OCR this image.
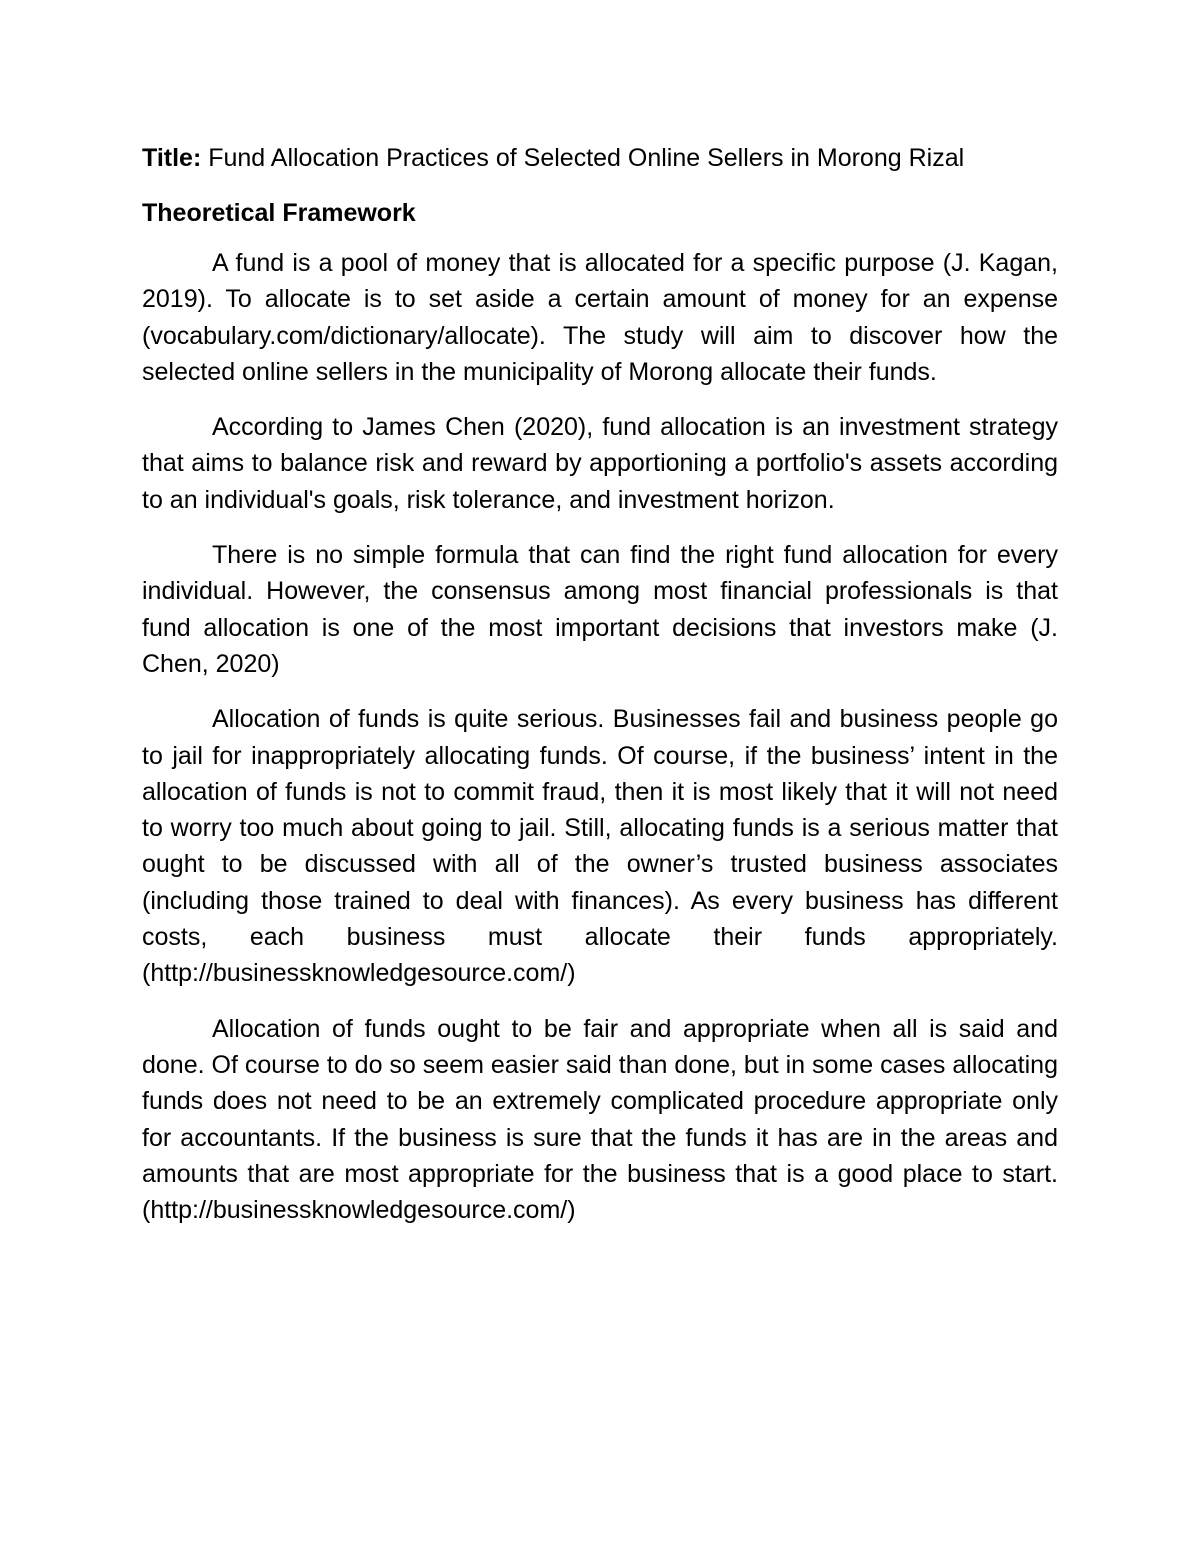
Title: Fund Allocation Practices of Selected Online Sellers in Morong Rizal
Theoretical Framework

A fund is a pool of money that is allocated for a specific purpose (J. Kagan, 2019). To allocate is to set aside a certain amount of money for an expense (vocabulary.com/dictionary/allocate). The study will aim to discover how the selected online sellers in the municipality of Morong allocate their funds.

According to James Chen (2020), fund allocation is an investment strategy that aims to balance risk and reward by apportioning a portfolio's assets according to an individual's goals, risk tolerance, and investment horizon.

There is no simple formula that can find the right fund allocation for every individual. However, the consensus among most financial professionals is that fund allocation is one of the most important decisions that investors make (J. Chen, 2020)

Allocation of funds is quite serious. Businesses fail and business people go to jail for inappropriately allocating funds. Of course, if the business’ intent in the allocation of funds is not to commit fraud, then it is most likely that it will not need to worry too much about going to jail. Still, allocating funds is a serious matter that ought to be discussed with all of the owner’s trusted business associates (including those trained to deal with finances). As every business has different costs, each business must allocate their funds appropriately. (http://businessknowledgesource.com/)

Allocation of funds ought to be fair and appropriate when all is said and done. Of course to do so seem easier said than done, but in some cases allocating funds does not need to be an extremely complicated procedure appropriate only for accountants. If the business is sure that the funds it has are in the areas and amounts that are most appropriate for the business that is a good place to start. (http://businessknowledgesource.com/)
